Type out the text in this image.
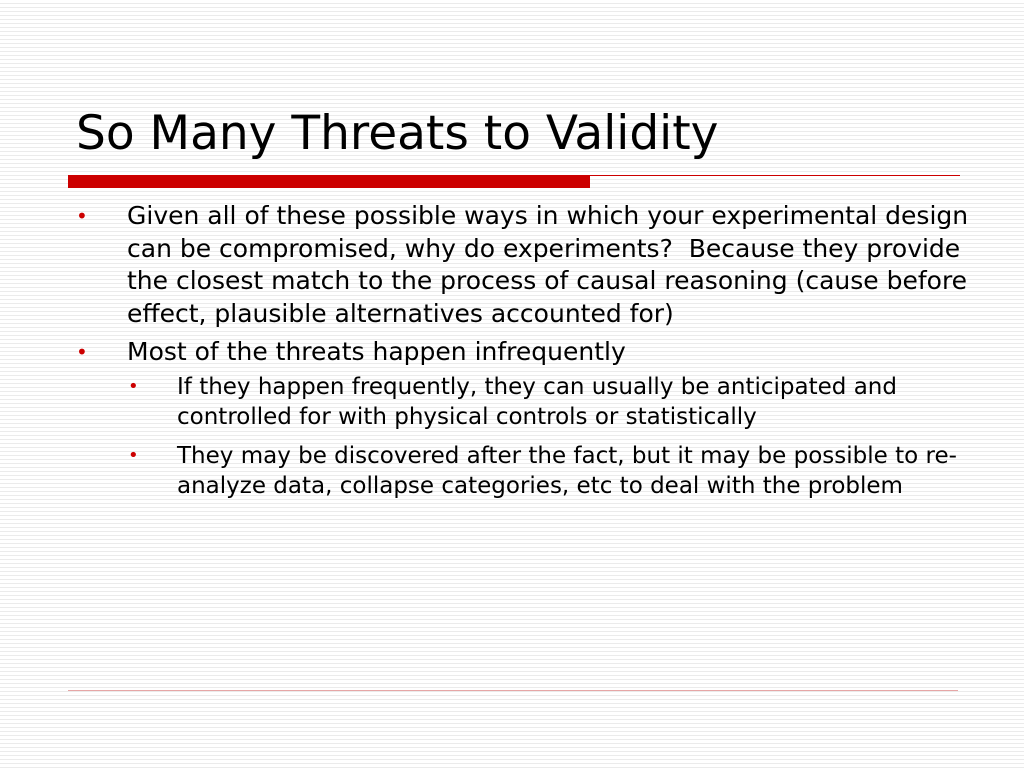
So Many Threats to Validity
•	Given all of these possible ways in which your experimental design can be compromised, why do experiments?  Because they provide the closest match to the process of causal reasoning (cause before effect, plausible alternatives accounted for)
•	Most of the threats happen infrequently
•	If they happen frequently, they can usually be anticipated and controlled for with physical controls or statistically
•	They may be discovered after the fact, but it may be possible to re-analyze data, collapse categories, etc to deal with the problem
